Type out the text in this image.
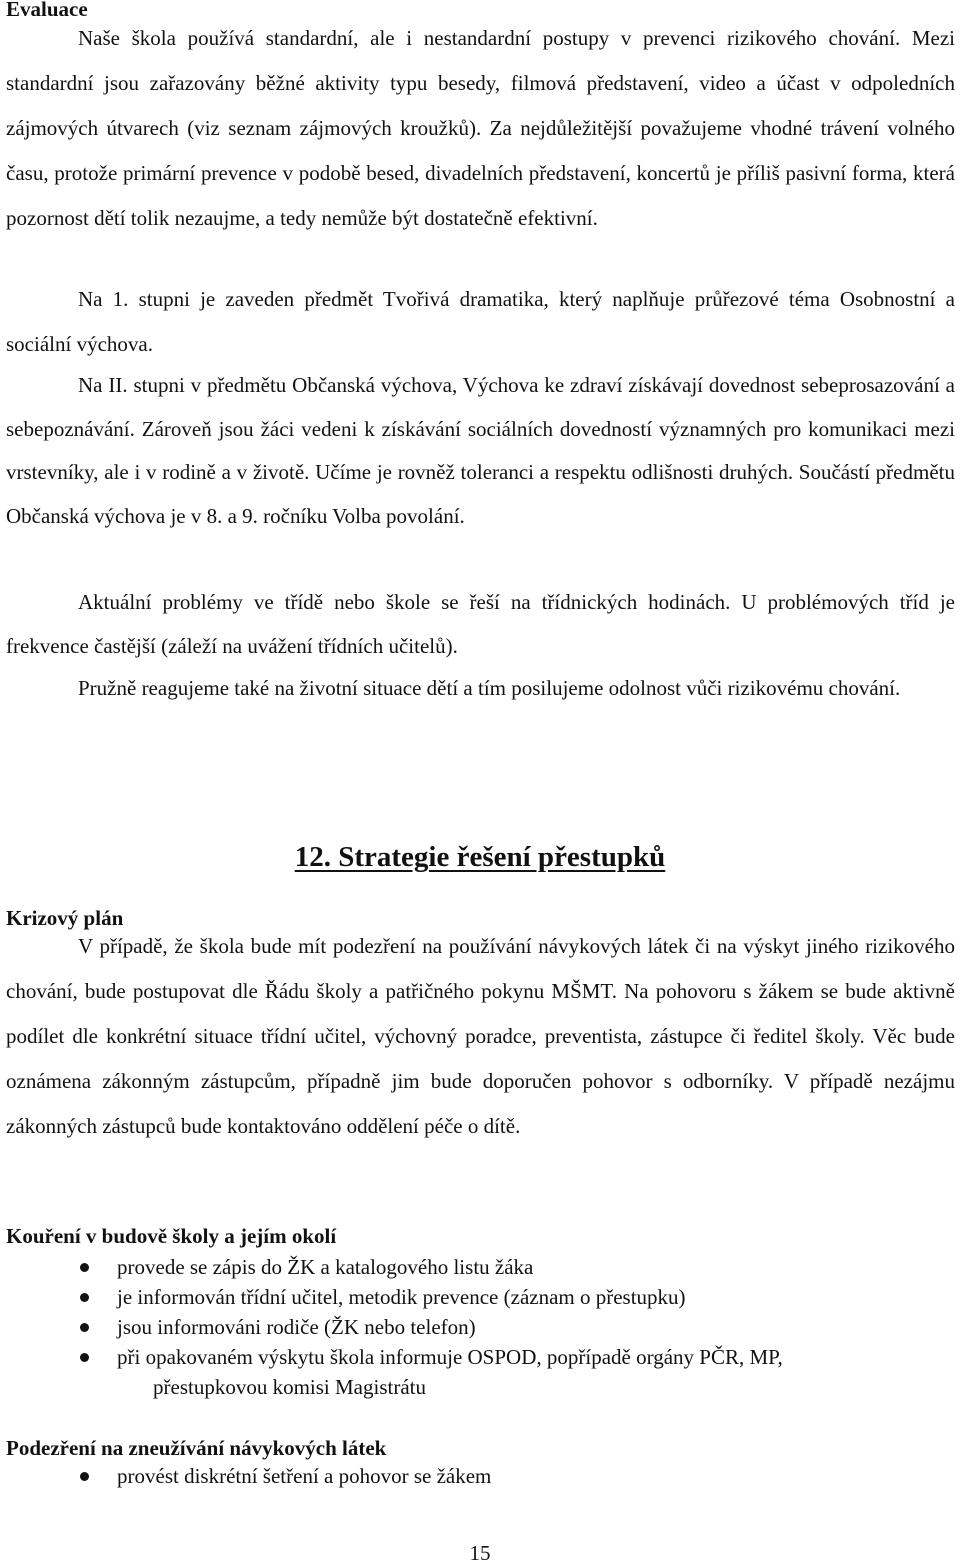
Evaluace

Naše škola používá standardní, ale i nestandardní postupy v prevenci rizikového chování. Mezi standardní jsou zařazovány běžné aktivity typu besedy, filmová představení, video a účast v odpoledních zájmových útvarech (viz seznam zájmových kroužků). Za nejdůležitější považujeme vhodné trávení volného času, protože primární prevence v podobě besed, divadelních představení, koncertů je příliš pasivní forma, která pozornost dětí tolik nezaujme, a tedy nemůže být dostatečně efektivní.

Na 1. stupni je zaveden předmět Tvořivá dramatika, který naplňuje průřezové téma Osobnostní a sociální výchova.

Na II. stupni v předmětu Občanská výchova, Výchova ke zdraví získávají dovednost sebeprosazování a sebepoznávání. Zároveň jsou žáci vedeni k získávání sociálních dovedností významných pro komunikaci mezi vrstevníky, ale i v rodině a v životě. Učíme je rovněž toleranci a respektu odlišnosti druhých. Součástí předmětu Občanská výchova je v 8. a 9. ročníku Volba povolání.

Aktuální problémy ve třídě nebo škole se řeší na třídnických hodinách. U problémových tříd je frekvence častější (záleží na uvážení třídních učitelů).

Pružně reagujeme také na životní situace dětí a tím posilujeme odolnost vůči rizikovému chování.

12. Strategie řešení přestupků
Krizový plán

V případě, že škola bude mít podezření na používání návykových látek či na výskyt jiného rizikového chování, bude postupovat dle Řádu školy a patřičného pokynu MŠMT. Na pohovoru s žákem se bude aktivně podílet dle konkrétní situace třídní učitel, výchovný poradce, preventista, zástupce či ředitel školy. Věc bude oznámena zákonným zástupcům, případně jim bude doporučen pohovor s odborníky. V případě nezájmu zákonných zástupců bude kontaktováno oddělení péče o dítě.

Kouření v budově školy a jejím okolí
provede se zápis do ŽK a katalogového listu žáka
je informován třídní učitel, metodik prevence (záznam o přestupku)
jsou informováni rodiče (ŽK nebo telefon)
při opakovaném výskytu škola informuje OSPOD, popřípadě orgány PČR, MP,
přestupkovou komisi Magistrátu
Podezření na zneužívání návykových látek
provést diskrétní šetření a pohovor se žákem
15
